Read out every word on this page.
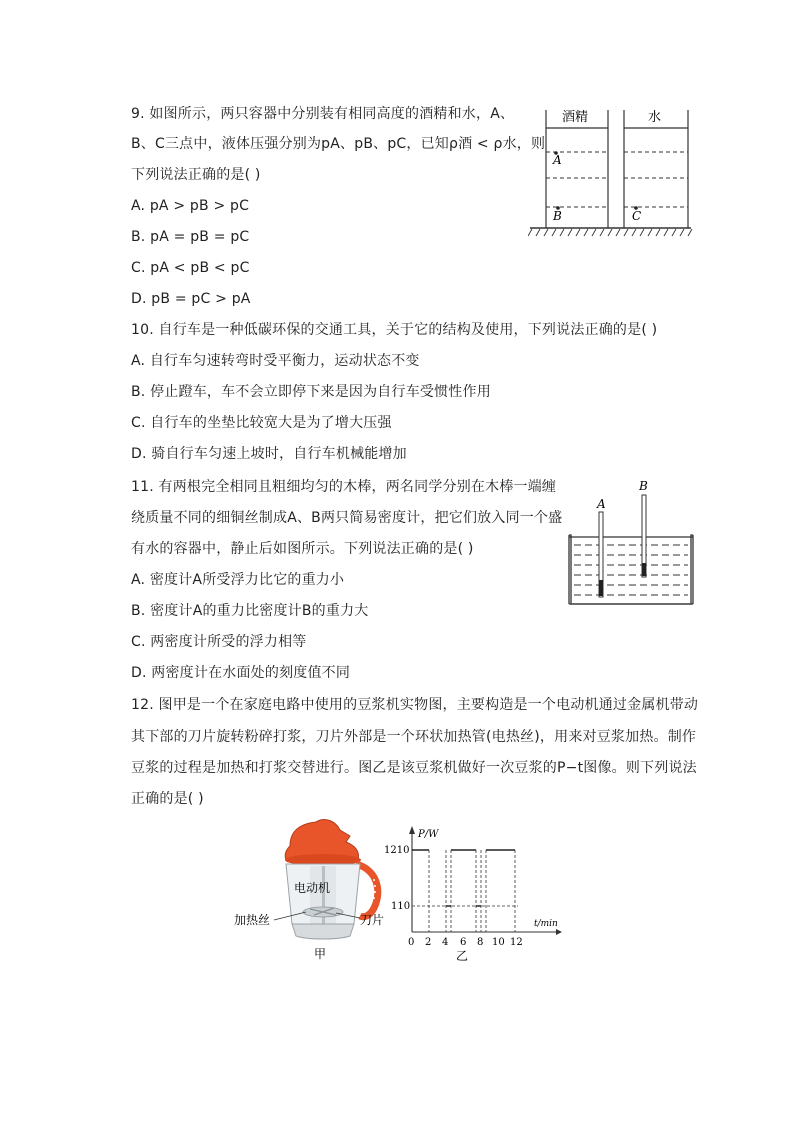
9. 如图所示，两只容器中分别装有相同高度的酒精和水，A、
B、C三点中，液体压强分别为pA、pB、pC，已知ρ酒 < ρ水，则
下列说法正确的是( )
A. pA > pB > pC
B. pA = pB = pC
C. pA < pB < pC
D. pB = pC > pA
酒精	水
A
B	C
10. 自行车是一种低碳环保的交通工具，关于它的结构及使用，下列说法正确的是( )
A. 自行车匀速转弯时受平衡力，运动状态不变
B. 停止蹬车，车不会立即停下来是因为自行车受惯性作用
C. 自行车的坐垫比较宽大是为了增大压强
D. 骑自行车匀速上坡时，自行车机械能增加
11. 有两根完全相同且粗细均匀的木棒，两名同学分别在木棒一端缠
绕质量不同的细铜丝制成A、B两只简易密度计，把它们放入同一个盛
有水的容器中，静止后如图所示。下列说法正确的是( )
A. 密度计A所受浮力比它的重力小
B. 密度计A的重力比密度计B的重力大
C. 两密度计所受的浮力相等
D. 两密度计在水面处的刻度值不同
A
B
12. 图甲是一个在家庭电路中使用的豆浆机实物图，主要构造是一个电动机通过金属机带动
其下部的刀片旋转粉碎打浆，刀片外部是一个环状加热管(电热丝)，用来对豆浆加热。制作
豆浆的过程是加热和打浆交替进行。图乙是该豆浆机做好一次豆浆的P−t图像。则下列说法
正确的是( )
电动机
加热丝	刀片
甲
P/W
t/min
1210
110
0 2 4 6 8 10 12
乙
